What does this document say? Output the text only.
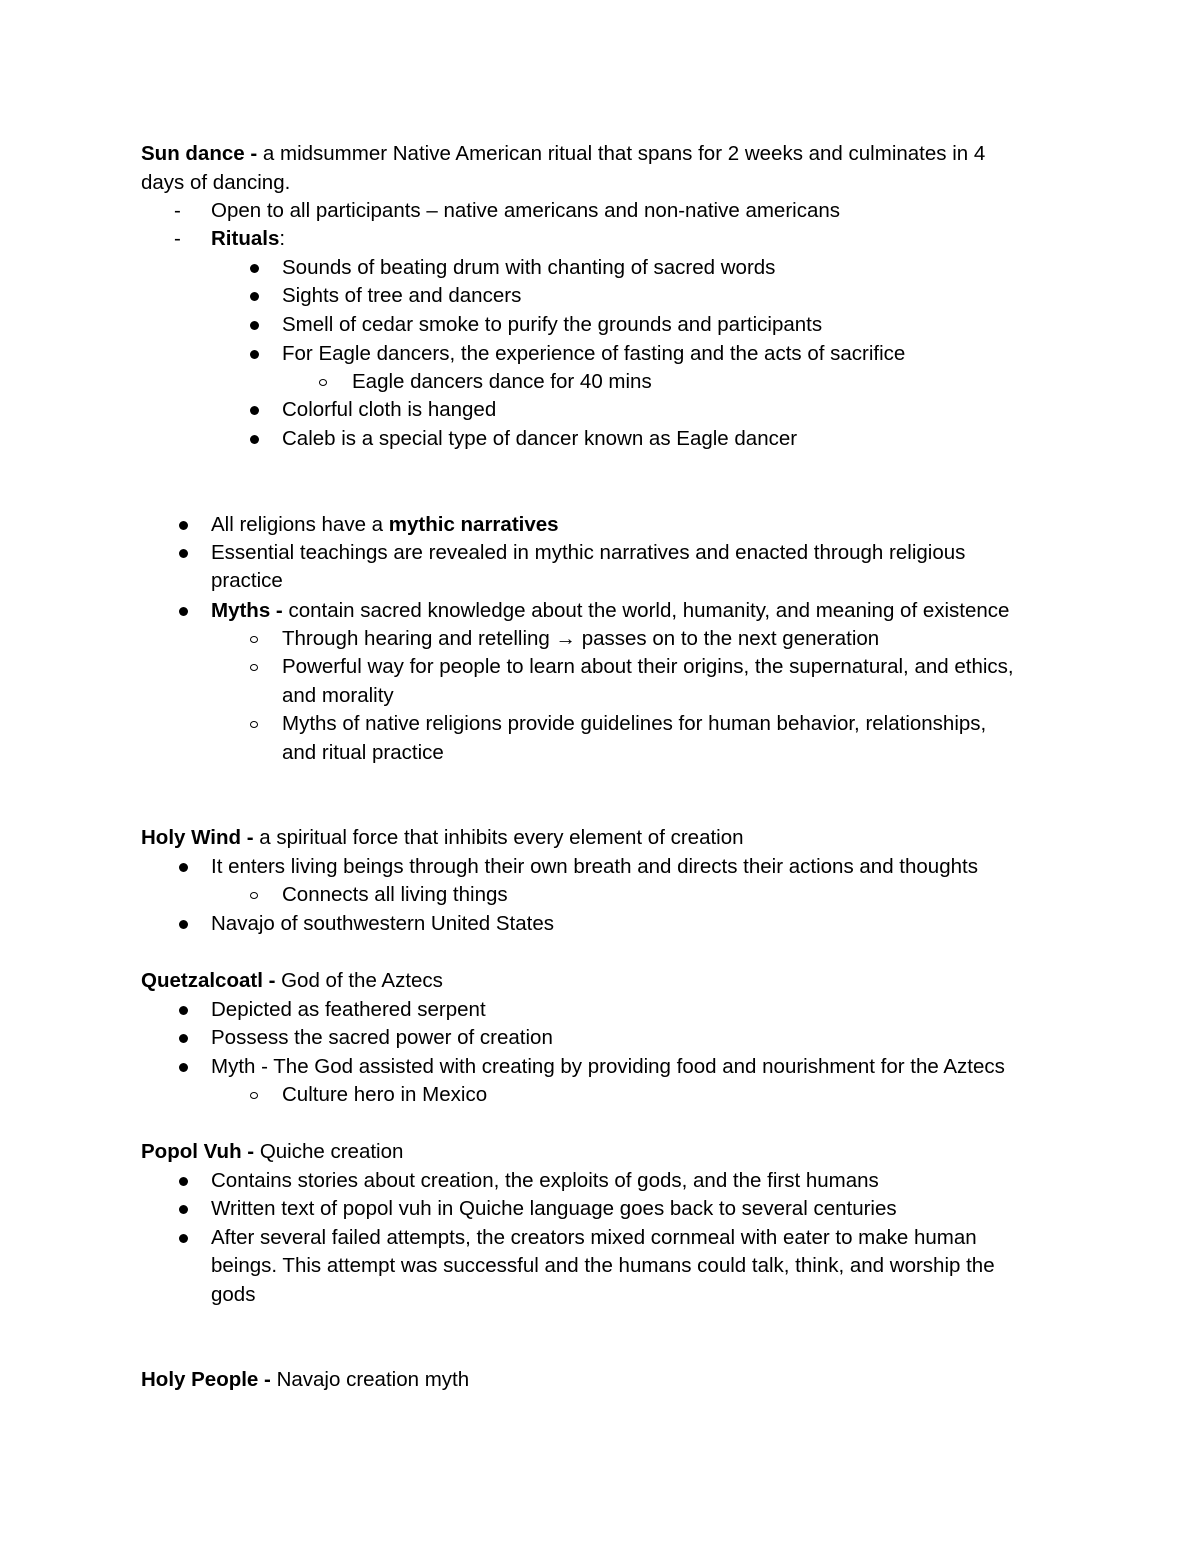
Sun dance - a midsummer Native American ritual that spans for 2 weeks and culminates in 4
days of dancing.
- Open to all participants – native americans and non-native americans
- Rituals:
Sounds of beating drum with chanting of sacred words
Sights of tree and dancers
Smell of cedar smoke to purify the grounds and participants
For Eagle dancers, the experience of fasting and the acts of sacrifice
Eagle dancers dance for 40 mins
Colorful cloth is hanged
Caleb is a special type of dancer known as Eagle dancer
All religions have a mythic narratives
Essential teachings are revealed in mythic narratives and enacted through religious
practice
Myths - contain sacred knowledge about the world, humanity, and meaning of existence
Through hearing and retelling → passes on to the next generation
Powerful way for people to learn about their origins, the supernatural, and ethics,
and morality
Myths of native religions provide guidelines for human behavior, relationships,
and ritual practice
Holy Wind - a spiritual force that inhibits every element of creation
It enters living beings through their own breath and directs their actions and thoughts
Connects all living things
Navajo of southwestern United States
Quetzalcoatl - God of the Aztecs
Depicted as feathered serpent
Possess the sacred power of creation
Myth - The God assisted with creating by providing food and nourishment for the Aztecs
Culture hero in Mexico
Popol Vuh - Quiche creation
Contains stories about creation, the exploits of gods, and the first humans
Written text of popol vuh in Quiche language goes back to several centuries
After several failed attempts, the creators mixed cornmeal with eater to make human
beings. This attempt was successful and the humans could talk, think, and worship the
gods
Holy People - Navajo creation myth
